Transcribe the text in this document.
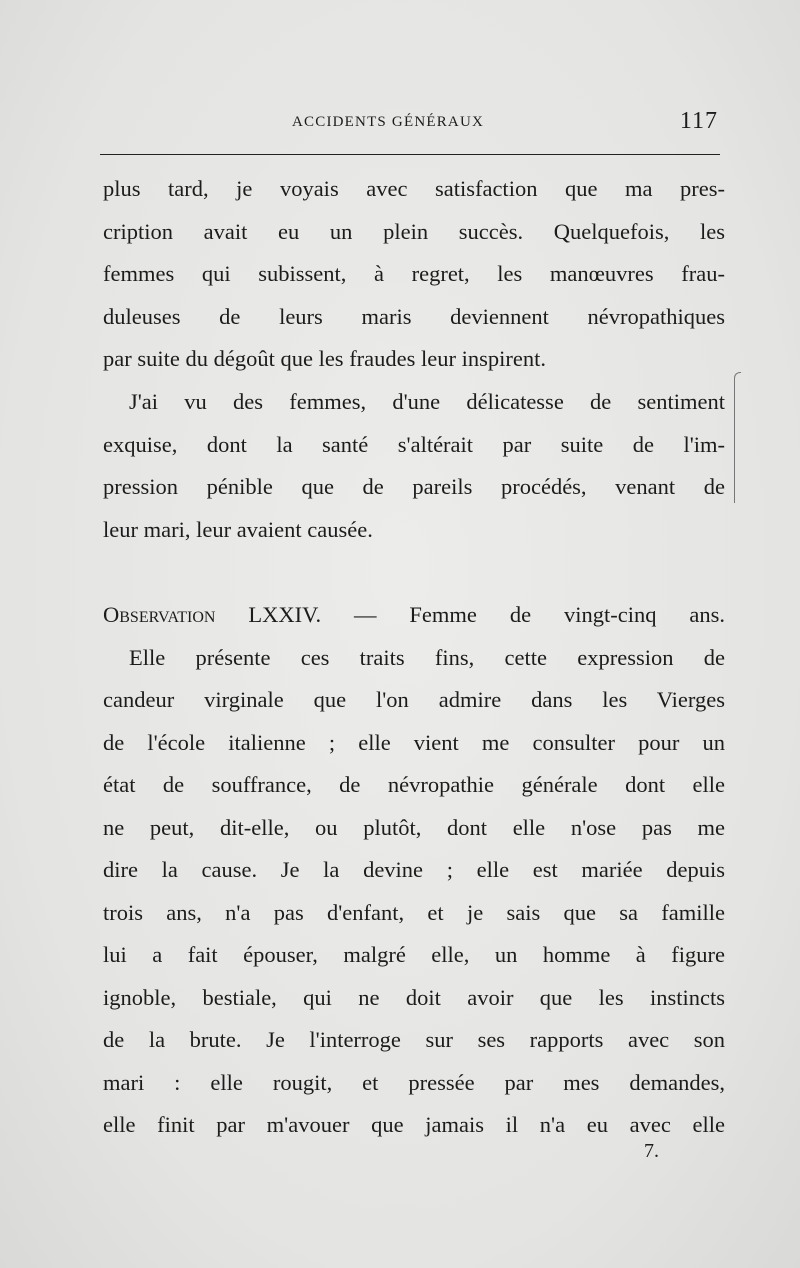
ACCIDENTS GÉNÉRAUX	117
plus tard, je voyais avec satisfaction que ma pres-
cription avait eu un plein succès. Quelquefois, les
femmes qui subissent, à regret, les manœuvres frau-
duleuses de leurs maris deviennent névropathiques
par suite du dégoût que les fraudes leur inspirent.
J'ai vu des femmes, d'une délicatesse de sentiment
exquise, dont la santé s'altérait par suite de l'im-
pression pénible que de pareils procédés, venant de
leur mari, leur avaient causée.
Observation LXXIV. — Femme de vingt-cinq ans.
Elle présente ces traits fins, cette expression de
candeur virginale que l'on admire dans les Vierges
de l'école italienne ; elle vient me consulter pour un
état de souffrance, de névropathie générale dont elle
ne peut, dit-elle, ou plutôt, dont elle n'ose pas me
dire la cause. Je la devine ; elle est mariée depuis
trois ans, n'a pas d'enfant, et je sais que sa famille
lui a fait épouser, malgré elle, un homme à figure
ignoble, bestiale, qui ne doit avoir que les instincts
de la brute. Je l'interroge sur ses rapports avec son
mari : elle rougit, et pressée par mes demandes,
elle finit par m'avouer que jamais il n'a eu avec elle
7.
